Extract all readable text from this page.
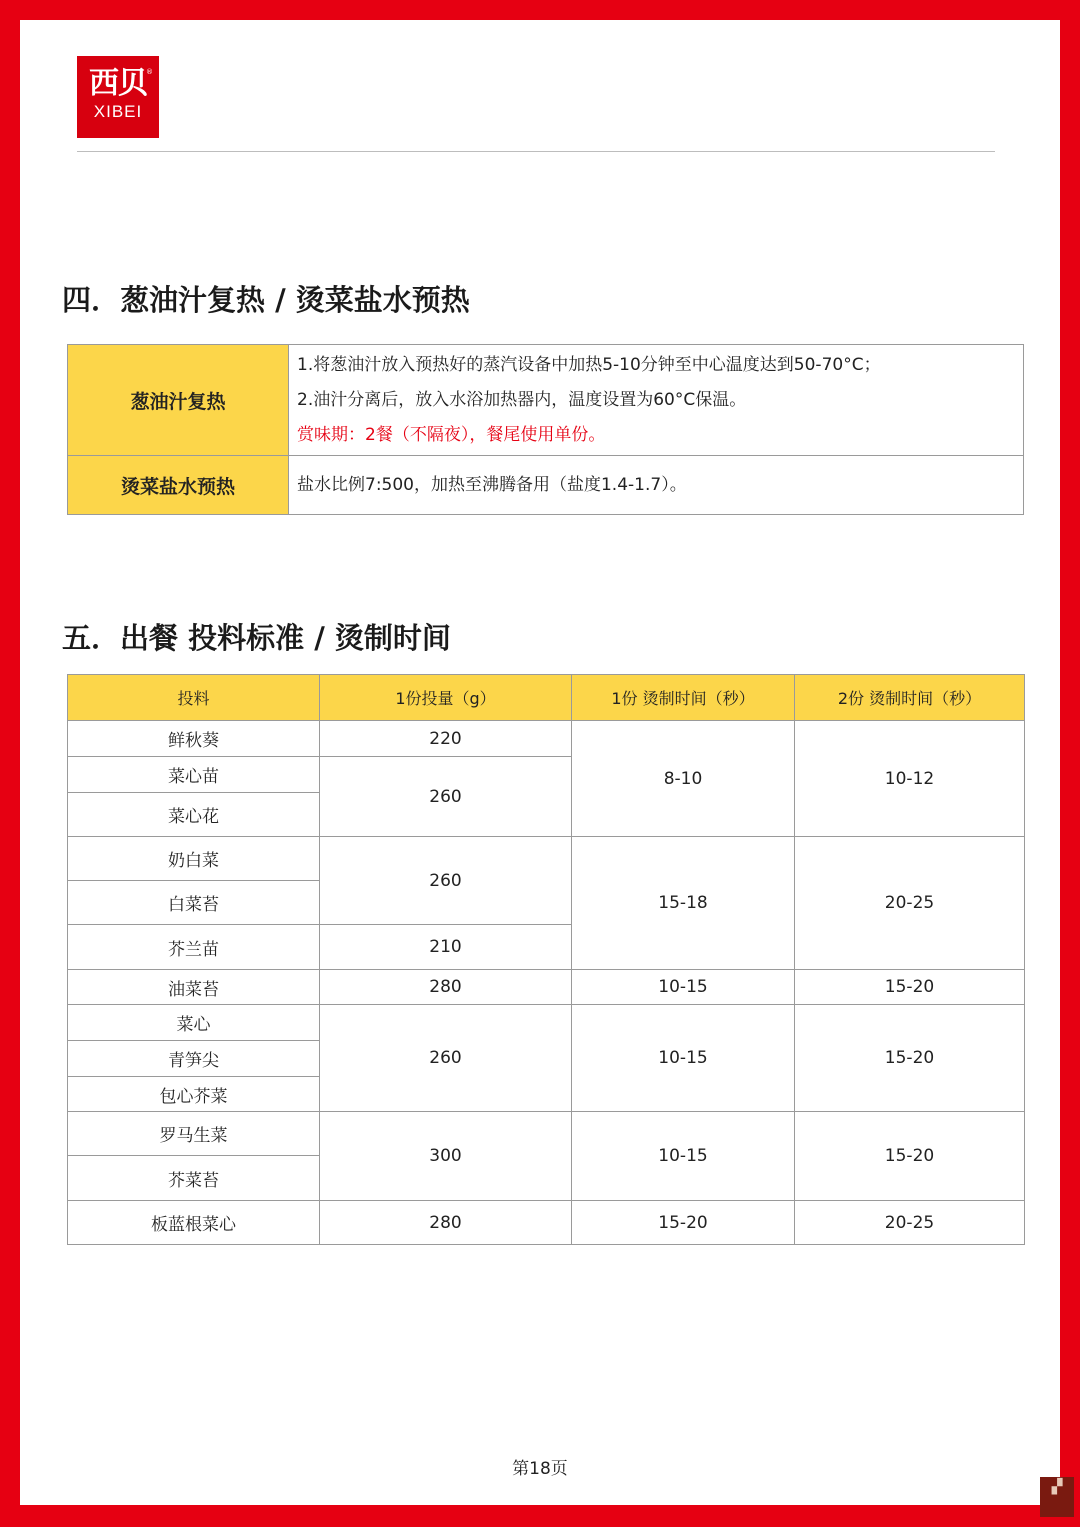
西贝
XIBEI
®
四．葱油汁复热 / 烫菜盐水预热
葱油汁复热	1.将葱油汁放入预热好的蒸汽设备中加热5-10分钟至中心温度达到50-70°C；
2.油汁分离后，放入水浴加热器内，温度设置为60°C保温。
赏味期：2餐（不隔夜），餐尾使用单份。

烫菜盐水预热	盐水比例7:500，加热至沸腾备用（盐度1.4-1.7）。
五．出餐 投料标准 / 烫制时间
投料	1份投量（g）	1份 烫制时间（秒）	2份 烫制时间（秒）
鲜秋葵	220	8-10	10-12
菜心苗	260		
菜心花			
奶白菜	260	15-18	20-25
白菜苔			
芥兰苗	210		
油菜苔	280	10-15	15-20
菜心	260	10-15	15-20
青笋尖			
包心芥菜			
罗马生菜	300	10-15	15-20
芥菜苔			
板蓝根菜心	280	15-20	20-25
第18页
▞
